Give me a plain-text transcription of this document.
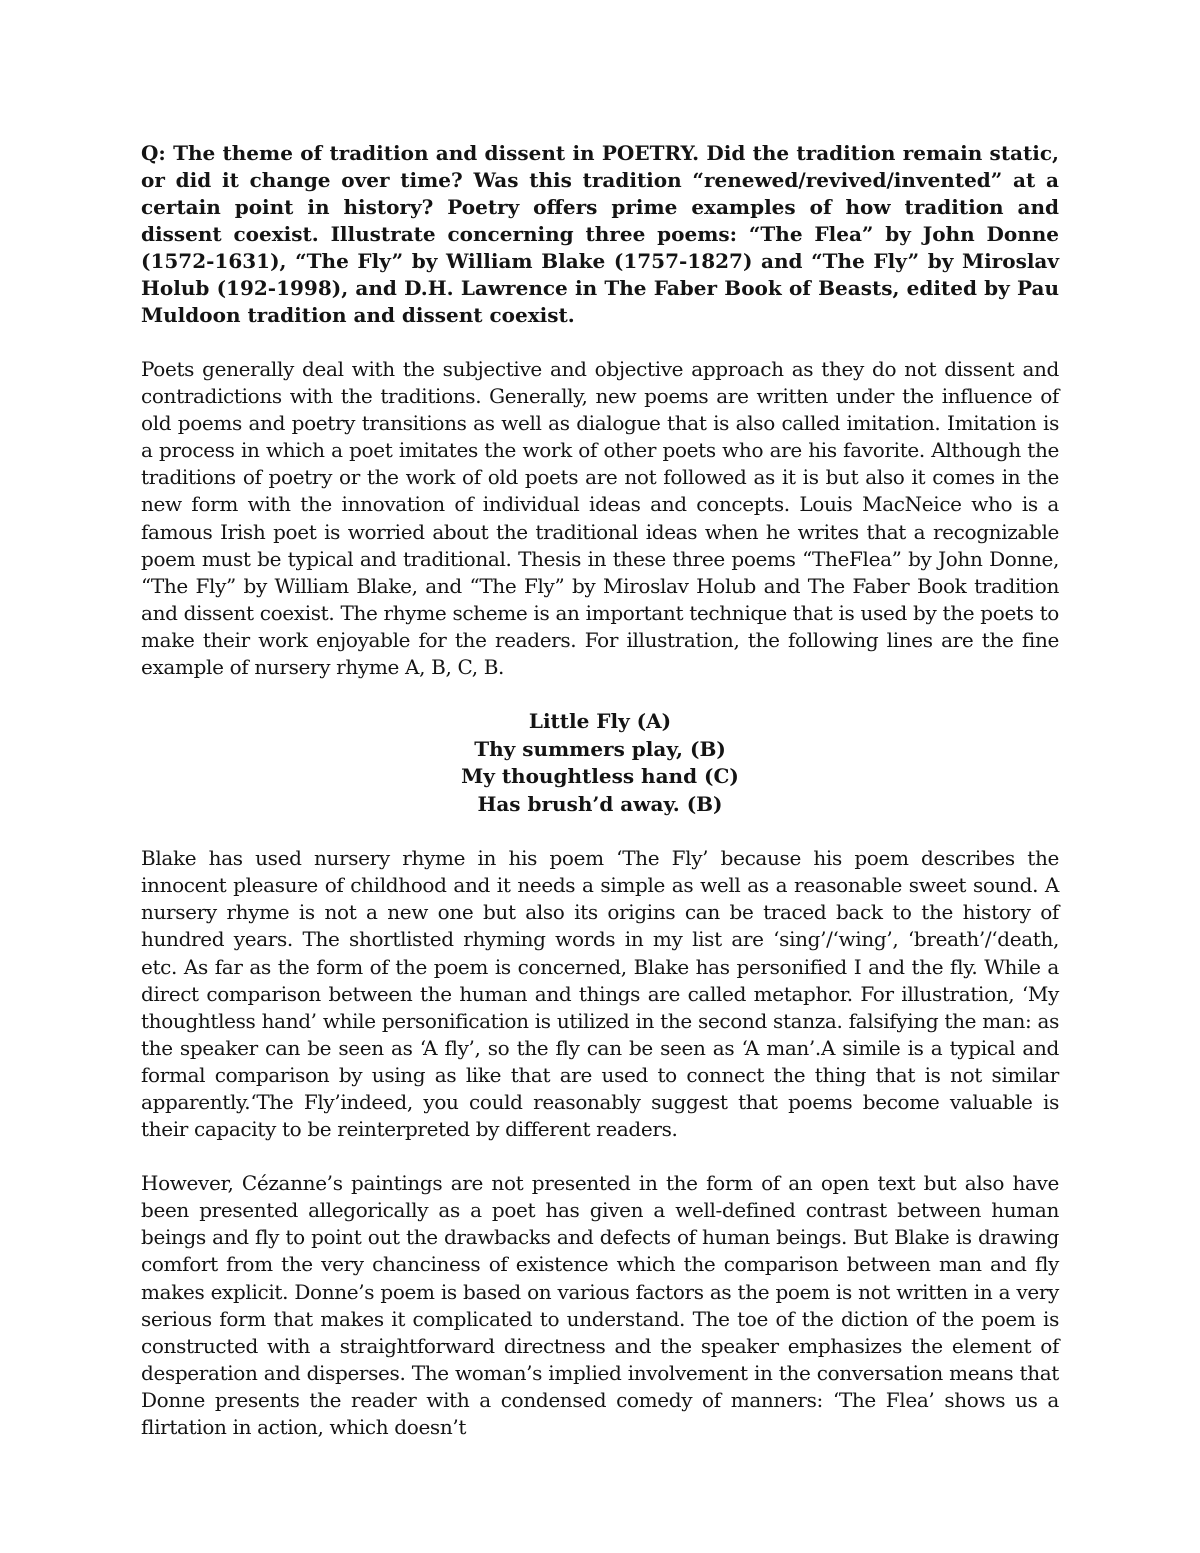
Q: The theme of tradition and dissent in POETRY. Did the tradition remain static, or did it change over time? Was this tradition “renewed/revived/invented” at a certain point in history? Poetry offers prime examples of how tradition and dissent coexist. Illustrate concerning three poems: “The Flea” by John Donne (1572-1631), “The Fly” by William Blake (1757-1827) and “The Fly” by Miroslav Holub (192-1998), and D.H. Lawrence in The Faber Book of Beasts, edited by Pau Muldoon tradition and dissent coexist.

Poets generally deal with the subjective and objective approach as they do not dissent and contradictions with the traditions. Generally, new poems are written under the influence of old poems and poetry transitions as well as dialogue that is also called imitation. Imitation is a process in which a poet imitates the work of other poets who are his favorite. Although the traditions of poetry or the work of old poets are not followed as it is but also it comes in the new form with the innovation of individual ideas and concepts. Louis MacNeice who is a famous Irish poet is worried about the traditional ideas when he writes that a recognizable poem must be typical and traditional. Thesis in these three poems “TheFlea” by John Donne, “The Fly” by William Blake, and “The Fly” by Miroslav Holub and The Faber Book tradition and dissent coexist. The rhyme scheme is an important technique that is used by the poets to make their work enjoyable for the readers. For illustration, the following lines are the fine example of nursery rhyme A, B, C, B.

Little Fly (A)
Thy summers play, (B)
My thoughtless hand (C)
Has brush’d away. (B)

Blake has used nursery rhyme in his poem ‘The Fly’ because his poem describes the innocent pleasure of childhood and it needs a simple as well as a reasonable sweet sound. A nursery rhyme is not a new one but also its origins can be traced back to the history of hundred years. The shortlisted rhyming words in my list are ‘sing’/‘wing’, ‘breath’/‘death, etc. As far as the form of the poem is concerned, Blake has personified I and the fly. While a direct comparison between the human and things are called metaphor. For illustration, ‘My thoughtless hand’ while personification is utilized in the second stanza. falsifying the man: as the speaker can be seen as ‘A fly’, so the fly can be seen as ‘A man’.A simile is a typical and formal comparison by using as like that are used to connect the thing that is not similar apparently.‘The Fly’indeed, you could reasonably suggest that poems become valuable is their capacity to be reinterpreted by different readers.

However, Cézanne’s paintings are not presented in the form of an open text but also have been presented allegorically as a poet has given a well-defined contrast between human beings and fly to point out the drawbacks and defects of human beings. But Blake is drawing comfort from the very chanciness of existence which the comparison between man and fly makes explicit. Donne’s poem is based on various factors as the poem is not written in a very serious form that makes it complicated to understand. The toe of the diction of the poem is constructed with a straightforward directness and the speaker emphasizes the element of desperation and disperses. The woman’s implied involvement in the conversation means that Donne presents the reader with a condensed comedy of manners: ‘The Flea’ shows us a flirtation in action, which doesn’t
